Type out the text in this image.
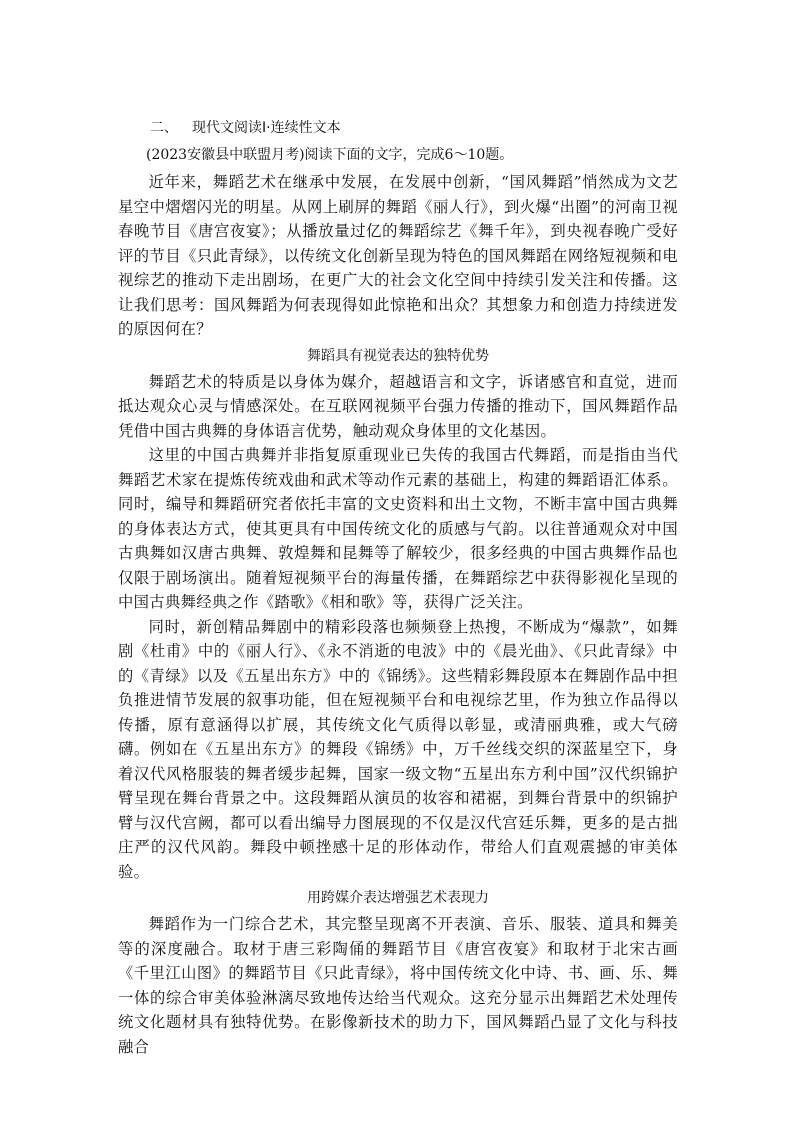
二、 现代文阅读Ⅰ·连续性文本
(2023安徽县中联盟月考)阅读下面的文字，完成6～10题。

近年来，舞蹈艺术在继承中发展，在发展中创新，“国风舞蹈”悄然成为文艺星空中熠熠闪光的明星。从网上刷屏的舞蹈《丽人行》，到火爆“出圈”的河南卫视春晚节目《唐宫夜宴》；从播放量过亿的舞蹈综艺《舞千年》，到央视春晚广受好评的节目《只此青绿》，以传统文化创新呈现为特色的国风舞蹈在网络短视频和电视综艺的推动下走出剧场，在更广大的社会文化空间中持续引发关注和传播。这让我们思考：国风舞蹈为何表现得如此惊艳和出众？其想象力和创造力持续迸发的原因何在？

舞蹈具有视觉表达的独特优势

舞蹈艺术的特质是以身体为媒介，超越语言和文字，诉诸感官和直觉，进而抵达观众心灵与情感深处。在互联网视频平台强力传播的推动下，国风舞蹈作品凭借中国古典舞的身体语言优势，触动观众身体里的文化基因。

这里的中国古典舞并非指复原重现业已失传的我国古代舞蹈，而是指由当代舞蹈艺术家在提炼传统戏曲和武术等动作元素的基础上，构建的舞蹈语汇体系。同时，编导和舞蹈研究者依托丰富的文史资料和出土文物，不断丰富中国古典舞的身体表达方式，使其更具有中国传统文化的质感与气韵。以往普通观众对中国古典舞如汉唐古典舞、敦煌舞和昆舞等了解较少，很多经典的中国古典舞作品也仅限于剧场演出。随着短视频平台的海量传播，在舞蹈综艺中获得影视化呈现的中国古典舞经典之作《踏歌》《相和歌》等，获得广泛关注。

同时，新创精品舞剧中的精彩段落也频频登上热搜，不断成为“爆款”，如舞剧《杜甫》中的《丽人行》、《永不消逝的电波》中的《晨光曲》、《只此青绿》中的《青绿》以及《五星出东方》中的《锦绣》。这些精彩舞段原本在舞剧作品中担负推进情节发展的叙事功能，但在短视频平台和电视综艺里，作为独立作品得以传播，原有意涵得以扩展，其传统文化气质得以彰显，或清丽典雅，或大气磅礴。例如在《五星出东方》的舞段《锦绣》中，万千丝线交织的深蓝星空下，身着汉代风格服装的舞者缓步起舞，国家一级文物“五星出东方利中国”汉代织锦护臂呈现在舞台背景之中。这段舞蹈从演员的妆容和裙裾，到舞台背景中的织锦护臂与汉代宫阙，都可以看出编导力图展现的不仅是汉代宫廷乐舞，更多的是古拙庄严的汉代风韵。舞段中顿挫感十足的形体动作，带给人们直观震撼的审美体验。

用跨媒介表达增强艺术表现力

舞蹈作为一门综合艺术，其完整呈现离不开表演、音乐、服装、道具和舞美等的深度融合。取材于唐三彩陶俑的舞蹈节目《唐宫夜宴》和取材于北宋古画《千里江山图》的舞蹈节目《只此青绿》，将中国传统文化中诗、书、画、乐、舞一体的综合审美体验淋漓尽致地传达给当代观众。这充分显示出舞蹈艺术处理传统文化题材具有独特优势。在影像新技术的助力下，国风舞蹈凸显了文化与科技融合
